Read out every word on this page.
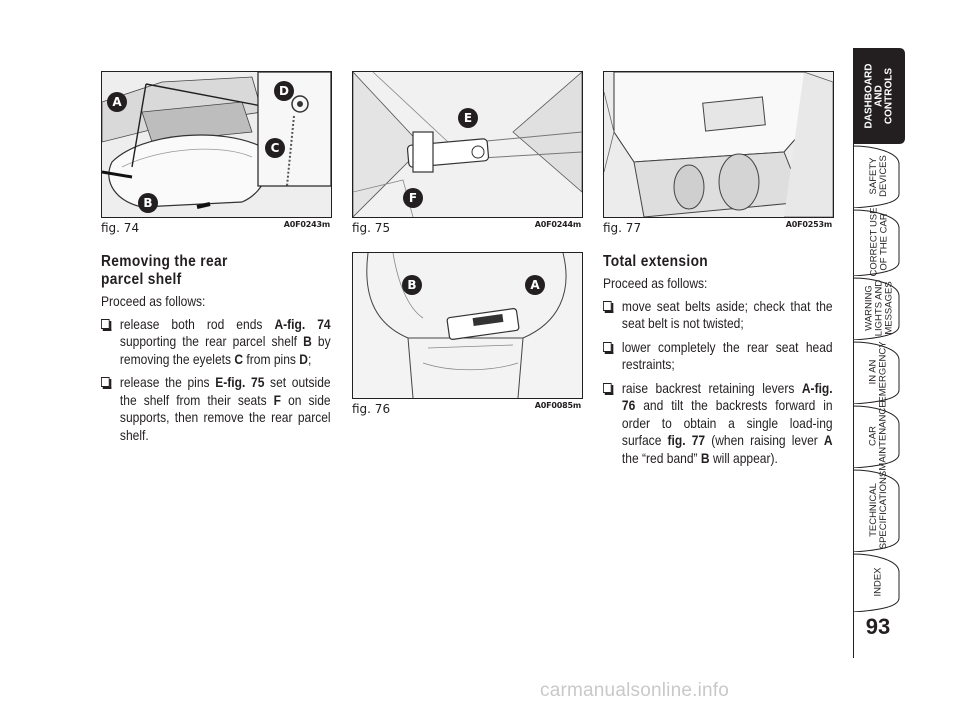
A
B
C
D
fig. 74	A0F0243m
E
F
fig. 75	A0F0244m fig. 77	A0F0253m
B	A
fig. 76	A0F0085m
Removing the rear
parcel shelf
Proceed as follows:
release both rod ends A-fig. 74 supporting the rear parcel shelf B by removing the eyelets C from pins D;
release the pins E-fig. 75 set outside the shelf from their seats F on side supports, then remove the rear parcel shelf.
Total extension
Proceed as follows:
move seat belts aside; check that the seat belt is not twisted;
lower completely the rear seat head restraints;
raise backrest retaining levers A-fig. 76 and tilt the backrests forward in order to obtain a single load-ing surface fig. 77 (when raising lever A the “red band” B will appear).
DASHBOARD
AND
CONTROLS
SAFETY
DEVICES
CORRECT USE
OF THE CAR
WARNING
LIGHTS AND
MESSAGES
IN AN
EMERGENCY
CAR
MAINTENANCE
TECHNICAL
SPECIFICATIONS
INDEX
93
carmanualsonline.info
